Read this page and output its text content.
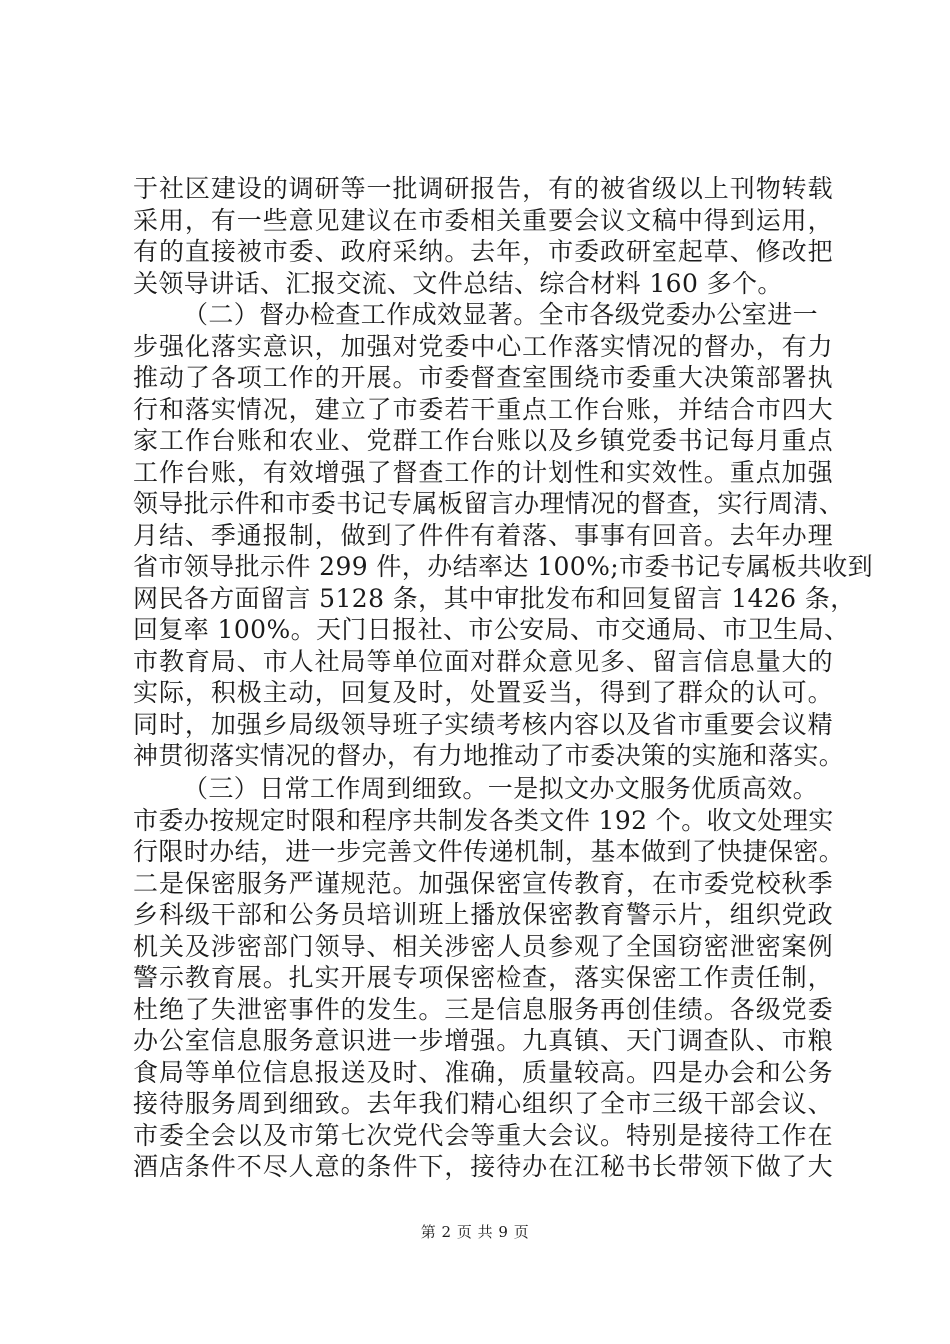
于社区建设的调研等一批调研报告，有的被省级以上刊物转载
采用，有一些意见建议在市委相关重要会议文稿中得到运用，
有的直接被市委、政府采纳。去年，市委政研室起草、修改把
关领导讲话、汇报交流、文件总结、综合材料 160 多个。
（二）督办检查工作成效显著。全市各级党委办公室进一
步强化落实意识，加强对党委中心工作落实情况的督办，有力
推动了各项工作的开展。市委督查室围绕市委重大决策部署执
行和落实情况，建立了市委若干重点工作台账，并结合市四大
家工作台账和农业、党群工作台账以及乡镇党委书记每月重点
工作台账，有效增强了督查工作的计划性和实效性。重点加强
领导批示件和市委书记专属板留言办理情况的督查，实行周清、
月结、季通报制，做到了件件有着落、事事有回音。去年办理
省市领导批示件 299 件，办结率达 100%;市委书记专属板共收到
网民各方面留言 5128 条，其中审批发布和回复留言 1426 条，
回复率 100%。天门日报社、市公安局、市交通局、市卫生局、
市教育局、市人社局等单位面对群众意见多、留言信息量大的
实际，积极主动，回复及时，处置妥当，得到了群众的认可。
同时，加强乡局级领导班子实绩考核内容以及省市重要会议精
神贯彻落实情况的督办，有力地推动了市委决策的实施和落实。
（三）日常工作周到细致。一是拟文办文服务优质高效。
市委办按规定时限和程序共制发各类文件 192 个。收文处理实
行限时办结，进一步完善文件传递机制，基本做到了快捷保密。
二是保密服务严谨规范。加强保密宣传教育，在市委党校秋季
乡科级干部和公务员培训班上播放保密教育警示片，组织党政
机关及涉密部门领导、相关涉密人员参观了全国窃密泄密案例
警示教育展。扎实开展专项保密检查，落实保密工作责任制，
杜绝了失泄密事件的发生。三是信息服务再创佳绩。各级党委
办公室信息服务意识进一步增强。九真镇、天门调查队、市粮
食局等单位信息报送及时、准确，质量较高。四是办会和公务
接待服务周到细致。去年我们精心组织了全市三级干部会议、
市委全会以及市第七次党代会等重大会议。特别是接待工作在
酒店条件不尽人意的条件下，接待办在江秘书长带领下做了大
第 2 页 共 9 页
